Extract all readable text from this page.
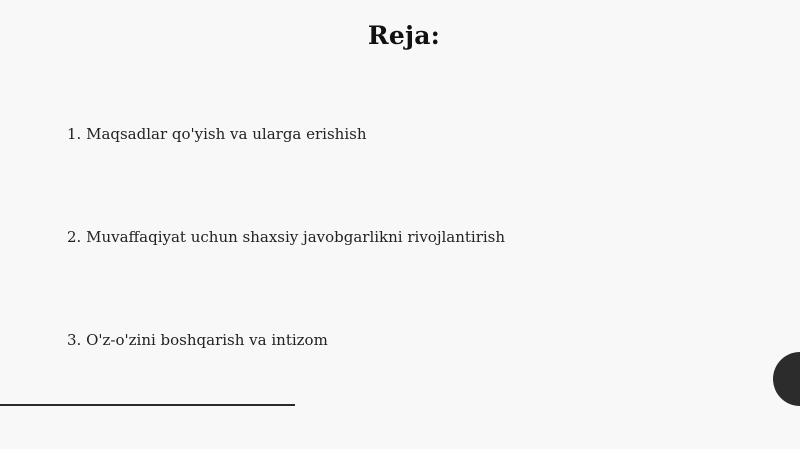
Reja:
1. Maqsadlar qo'yish va ularga erishish
2. Muvaffaqiyat uchun shaxsiy javobgarlikni rivojlantirish
3. O'z-o'zini boshqarish va intizom
